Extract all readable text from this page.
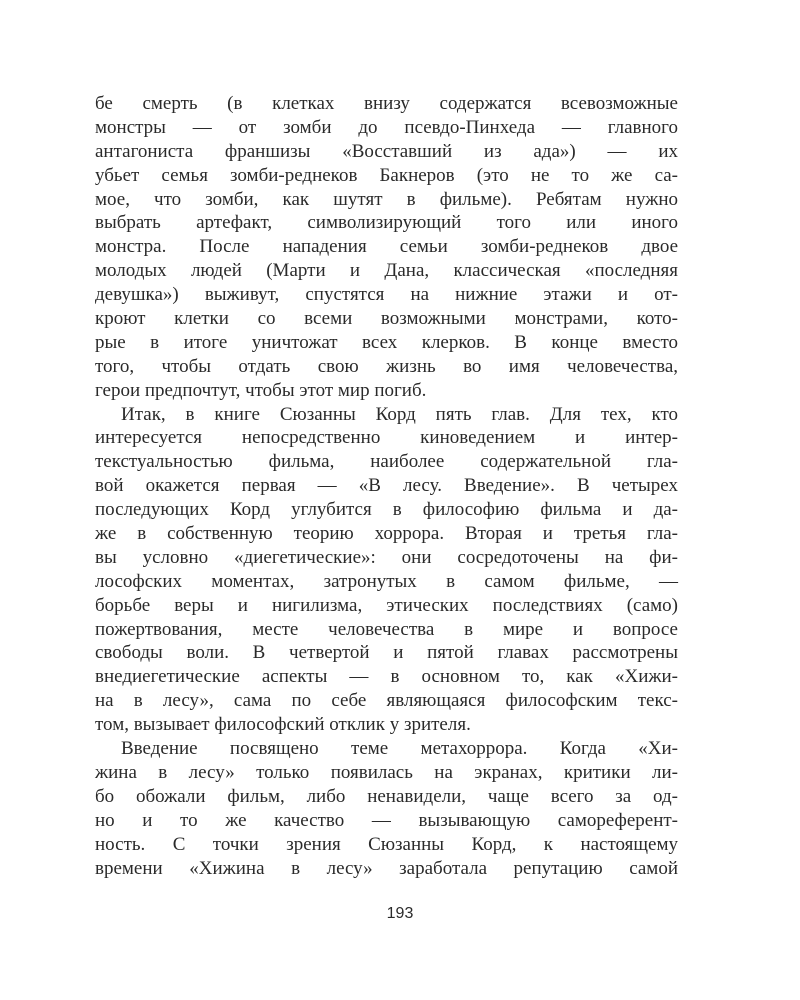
бе смерть (в клетках внизу содержатся всевозможные
монстры — от зомби до псевдо-Пинхеда — главного
антагониста франшизы «Восставший из ада») — их
убьет семья зомби-реднеков Бакнеров (это не то же са-
мое, что зомби, как шутят в фильме). Ребятам нужно
выбрать артефакт, символизирующий того или иного
монстра. После нападения семьи зомби-реднеков двое
молодых людей (Марти и Дана, классическая «последняя
девушка») выживут, спустятся на нижние этажи и от-
кроют клетки со всеми возможными монстрами, кото-
рые в итоге уничтожат всех клерков. В конце вместо
того, чтобы отдать свою жизнь во имя человечества,
герои предпочтут, чтобы этот мир погиб.
Итак, в книге Сюзанны Корд пять глав. Для тех, кто
интересуется непосредственно киноведением и интер-
текстуальностью фильма, наиболее содержательной гла-
вой окажется первая — «В лесу. Введение». В четырех
последующих Корд углубится в философию фильма и да-
же в собственную теорию хоррора. Вторая и третья гла-
вы условно «диегетические»: они сосредоточены на фи-
лософских моментах, затронутых в самом фильме, —
борьбе веры и нигилизма, этических последствиях (само)
пожертвования, месте человечества в мире и вопросе
свободы воли. В четвертой и пятой главах рассмотрены
внедиегетические аспекты — в основном то, как «Хижи-
на в лесу», сама по себе являющаяся философским текс-
том, вызывает философский отклик у зрителя.
Введение посвящено теме метахоррора. Когда «Хи-
жина в лесу» только появилась на экранах, критики ли-
бо обожали фильм, либо ненавидели, чаще всего за од-
но и то же качество — вызывающую самореферент-
ность. С точки зрения Сюзанны Корд, к настоящему
времени «Хижина в лесу» заработала репутацию самой
193
